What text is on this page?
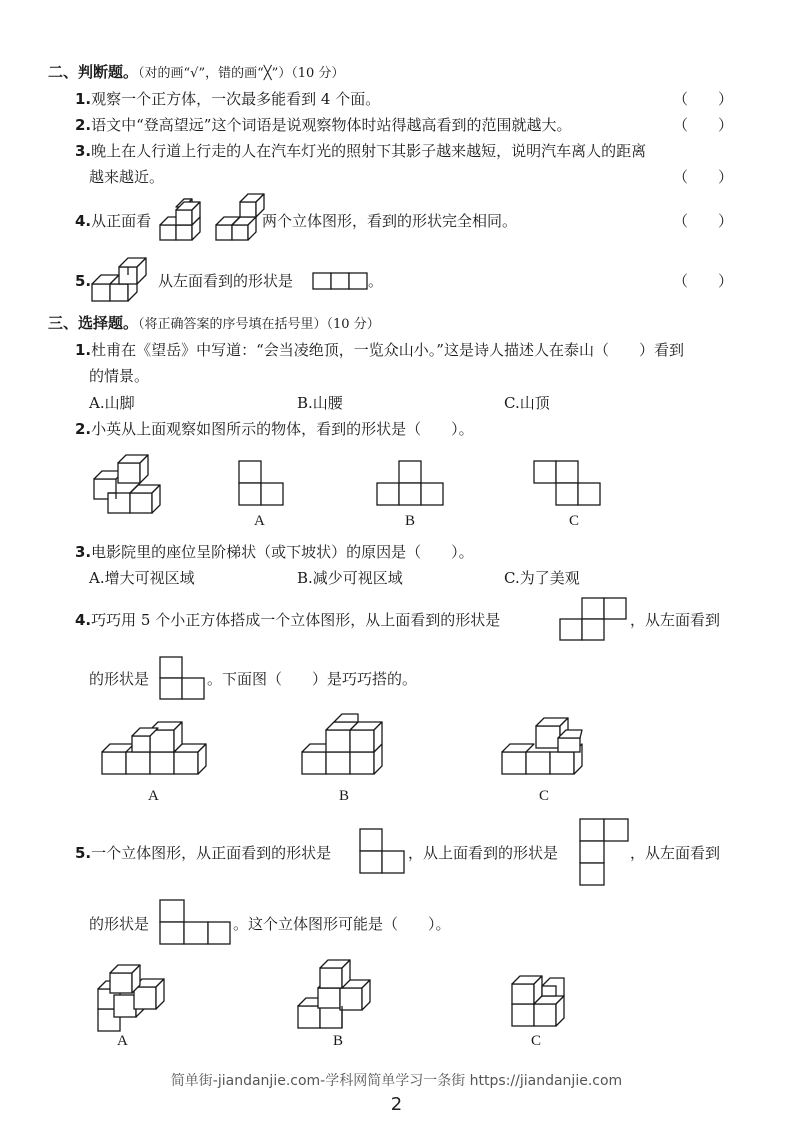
二、判断题。（对的画“√”，错的画“╳”）（10 分）
1.观察一个正方体，一次最多能看到 4 个面。	（　　）
2.语文中“登高望远”这个词语是说观察物体时站得越高看到的范围就越大。	（　　）
3.晚上在人行道上行走的人在汽车灯光的照射下其影子越来越短，说明汽车离人的距离
越来越近。	（　　）
4.从正面看	两个立体图形，看到的形状完全相同。	（　　）
5.	从左面看到的形状是	。	（　　）
三、选择题。（将正确答案的序号填在括号里）（10 分）
1.杜甫在《望岳》中写道：“会当凌绝顶，一览众山小。”这是诗人描述人在泰山（　　）看到
的情景。
A.山脚	B.山腰	C.山顶
2.小英从上面观察如图所示的物体，看到的形状是（　　）。
A	B	C
3.电影院里的座位呈阶梯状（或下坡状）的原因是（　　）。
A.增大可视区域	B.减少可视区域	C.为了美观
4.巧巧用 5 个小正方体搭成一个立体图形，从上面看到的形状是	，从左面看到
的形状是	。下面图（　　）是巧巧搭的。
A	B	C
5.一个立体图形，从正面看到的形状是	，从上面看到的形状是	，从左面看到
的形状是	。这个立体图形可能是（　　）。
A	B	C
简单街-jiandanjie.com-学科网简单学习一条街 https://jiandanjie.com
2
